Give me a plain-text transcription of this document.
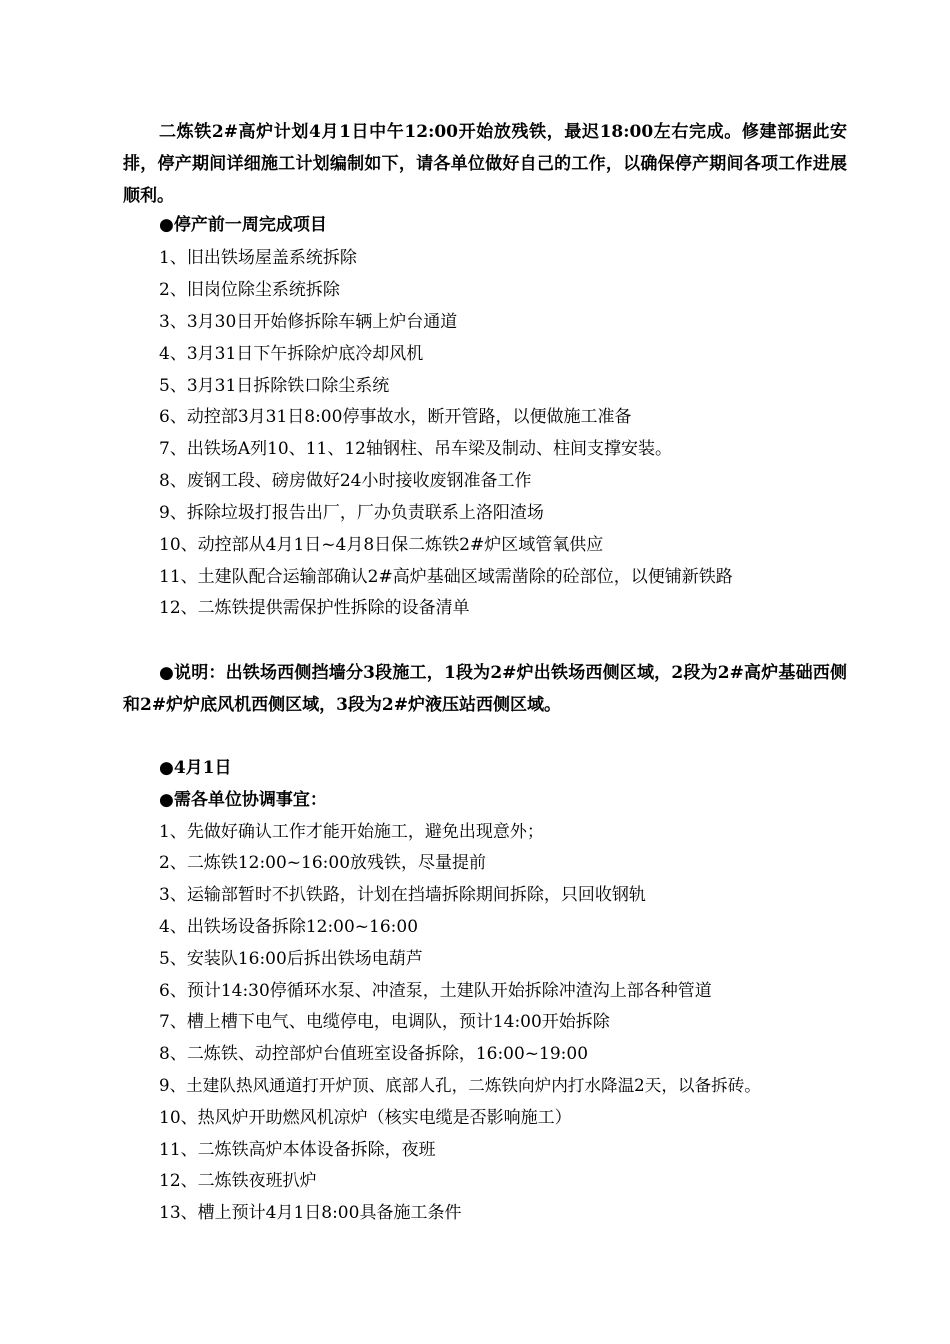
二炼铁2#高炉计划4月1日中午12:00开始放残铁，最迟18:00左右完成。修建部据此安排，停产期间详细施工计划编制如下，请各单位做好自己的工作，以确保停产期间各项工作进展顺利。

●停产前一周完成项目

1、旧出铁场屋盖系统拆除

2、旧岗位除尘系统拆除

3、3月30日开始修拆除车辆上炉台通道

4、3月31日下午拆除炉底冷却风机

5、3月31日拆除铁口除尘系统

6、动控部3月31日8:00停事故水，断开管路，以便做施工准备

7、出铁场A列10、11、12轴钢柱、吊车梁及制动、柱间支撑安装。

8、废钢工段、磅房做好24小时接收废钢准备工作

9、拆除垃圾打报告出厂，厂办负责联系上洛阳渣场

10、动控部从4月1日~4月8日保二炼铁2#炉区域管氧供应

11、土建队配合运输部确认2#高炉基础区域需凿除的砼部位，以便铺新铁路

12、二炼铁提供需保护性拆除的设备清单

●说明：出铁场西侧挡墙分3段施工，1段为2#炉出铁场西侧区域，2段为2#高炉基础西侧和2#炉炉底风机西侧区域，3段为2#炉液压站西侧区域。

●4月1日

●需各单位协调事宜：

1、先做好确认工作才能开始施工，避免出现意外；

2、二炼铁12:00~16:00放残铁，尽量提前

3、运输部暂时不扒铁路，计划在挡墙拆除期间拆除，只回收钢轨

4、出铁场设备拆除12:00~16:00

5、安装队16:00后拆出铁场电葫芦

6、预计14:30停循环水泵、冲渣泵，土建队开始拆除冲渣沟上部各种管道

7、槽上槽下电气、电缆停电，电调队，预计14:00开始拆除

8、二炼铁、动控部炉台值班室设备拆除，16:00~19:00

9、土建队热风通道打开炉顶、底部人孔，二炼铁向炉内打水降温2天，以备拆砖。

10、热风炉开助燃风机凉炉（核实电缆是否影响施工）

11、二炼铁高炉本体设备拆除，夜班

12、二炼铁夜班扒炉

13、槽上预计4月1日8:00具备施工条件
